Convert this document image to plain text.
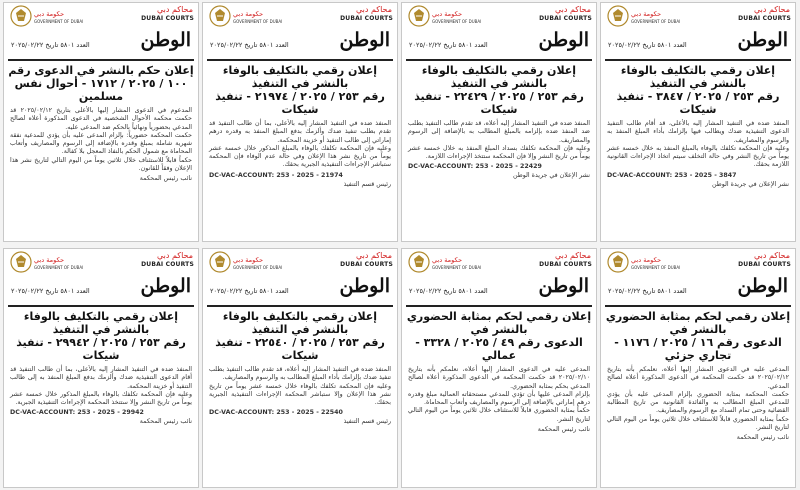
حكومة دبي
GOVERNMENT OF DUBAI
محاكم دبي
DUBAI COURTS
الوطن
العدد ٥٨٠١ تاريخ ٢٠٢٥/٠٢/٢٢
إعلان حكم بالنشر في الدعوى رقم
١٠٠ / ٢٠٢٥ / ١٧١٢ - أحوال نفس مسلمين

المدعوم في الدعوى المشار إليها بالأعلى بتاريخ ٢٠٢٥/٠٢/١٢ قد حكمت محكمة الأحوال الشخصية في الدعوى المذكورة أعلاه لصالح المدعي بحضورياً ونهائياً بالحكم ضد المدعى عليه.

حكمت المحكمة حضورياً: بإلزام المدعى عليه بأن يؤدي للمدعية نفقة شهرية شاملة بمبلغ وقدره بالإضافة إلى الرسوم والمصاريف وأتعاب المحاماة مع شمول الحكم بالنفاذ المعجل بلا كفالة.

حكماً قابلاً للاستئناف خلال ثلاثين يوماً من اليوم التالي لتاريخ نشر هذا الإعلان وفقاً للقانون.

نائب رئيس المحكمة
حكومة دبي
GOVERNMENT OF DUBAI
محاكم دبي
DUBAI COURTS
الوطن
العدد ٥٨٠١ تاريخ ٢٠٢٥/٠٢/٢٢
إعلان رقمي بالتكليف بالوفاء بالنشر في التنفيذ
رقم ٢٥٣ / ٢٠٢٥ / ٢١٩٧٤ - تنفيذ شيكات

المنفذ ضده في التنفيذ المشار إليه بالأعلى، بما أن طالب التنفيذ قد تقدم بطلب تنفيذ ضدك وألزمك بدفع المبلغ المنفذ به وقدره درهم إماراتي إلى طالب التنفيذ أو خزينة المحكمة.

وعليه فإن المحكمة تكلفك بالوفاء بالمبلغ المذكور خلال خمسة عشر يوماً من تاريخ نشر هذا الإعلان وفي حالة عدم الوفاء فإن المحكمة ستباشر الإجراءات التنفيذية الجبرية بحقك.

DC-VAC-ACCOUNT: 253 - 2025 - 21974
رئيس قسم التنفيذ
حكومة دبي
GOVERNMENT OF DUBAI
محاكم دبي
DUBAI COURTS
الوطن
العدد ٥٨٠١ تاريخ ٢٠٢٥/٠٢/٢٢
إعلان رقمي بالتكليف بالوفاء بالنشر في التنفيذ
رقم ٢٥٣ / ٢٠٢٥ / ٢٢٤٢٩ - تنفيذ شيكات

المنفذ ضده في التنفيذ المشار إليه أعلاه، قد تقدم طالب التنفيذ بطلب ضد المنفذ ضده بإلزامه بالمبلغ المطالب به بالإضافة إلى الرسوم والمصاريف.

وعليه فإن المحكمة تكلفك بسداد المبلغ المنفذ به خلال خمسة عشر يوماً من تاريخ النشر وإلا فإن المحكمة ستتخذ الإجراءات اللازمة.

DC-VAC-ACCOUNT: 253 - 2025 - 22429
نشر الإعلان في جريدة الوطن
حكومة دبي
GOVERNMENT OF DUBAI
محاكم دبي
DUBAI COURTS
الوطن
العدد ٥٨٠١ تاريخ ٢٠٢٥/٠٢/٢٢
إعلان رقمي بالتكليف بالوفاء بالنشر في التنفيذ
رقم ٢٥٣ / ٢٠٢٥ / ٣٨٤٧ - تنفيذ شيكات

المنفذ ضده في التنفيذ المشار إليه بالأعلى، قد أقام طالب التنفيذ الدعوى التنفيذية ضدك ويطالب فيها بإلزامك بأداء المبلغ المنفذ به والرسوم والمصاريف.

وعليه فإن المحكمة تكلفك بالوفاء بالمبلغ المنفذ به خلال خمسة عشر يوماً من تاريخ النشر وفي حالة التخلف سيتم اتخاذ الإجراءات القانونية اللازمة بحقك.

DC-VAC-ACCOUNT: 253 - 2025 - 3847
نشر الإعلان في جريدة الوطن
حكومة دبي
GOVERNMENT OF DUBAI
محاكم دبي
DUBAI COURTS
الوطن
العدد ٥٨٠١ تاريخ ٢٠٢٥/٠٢/٢٢
إعلان رقمي بالتكليف بالوفاء بالنشر في التنفيذ
رقم ٢٥٣ / ٢٠٢٥ / ٢٩٩٤٢ - تنفيذ شيكات

المنفذ ضده في التنفيذ المشار إليه بالأعلى، بما أن طالب التنفيذ قد أقام الدعوى التنفيذية ضدك وألزمك بدفع المبلغ المنفذ به إلى طالب التنفيذ أو خزينة المحكمة.

وعليه فإن المحكمة تكلفك بالوفاء بالمبلغ المذكور خلال خمسة عشر يوماً من تاريخ النشر وإلا ستتخذ المحكمة الإجراءات التنفيذية الجبرية.

DC-VAC-ACCOUNT: 253 - 2025 - 29942
نائب رئيس المحكمة
حكومة دبي
GOVERNMENT OF DUBAI
محاكم دبي
DUBAI COURTS
الوطن
العدد ٥٨٠١ تاريخ ٢٠٢٥/٠٢/٢٢
إعلان رقمي بالتكليف بالوفاء بالنشر في التنفيذ
رقم ٢٥٣ / ٢٠٢٥ / ٢٢٥٤٠ - تنفيذ شيكات

المنفذ ضده في التنفيذ المشار إليه أعلاه، قد تقدم طالب التنفيذ بطلب تنفيذ ضدك بإلزامك بأداء المبلغ المطالب به والرسوم والمصاريف.

وعليه فإن المحكمة تكلفك بالوفاء خلال خمسة عشر يوماً من تاريخ نشر هذا الإعلان وإلا ستباشر المحكمة الإجراءات التنفيذية الجبرية بحقك.

DC-VAC-ACCOUNT: 253 - 2025 - 22540
رئيس قسم التنفيذ
حكومة دبي
GOVERNMENT OF DUBAI
محاكم دبي
DUBAI COURTS
الوطن
العدد ٥٨٠١ تاريخ ٢٠٢٥/٠٢/٢٢
إعلان رقمي لحكم بمثابة الحضوري بالنشر في
الدعوى رقم ٤٩ / ٢٠٢٥ / ٣٣٢٨ - عمالي

المدعى عليه في الدعوى المشار إليها أعلاه، نعلمكم بأنه بتاريخ ٢٠٢٥/٠٢/١٠ قد حكمت المحكمة في الدعوى المذكورة أعلاه لصالح المدعي بحكم بمثابة الحضوري.

بإلزام المدعى عليها بأن تؤدي للمدعي مستحقاته العمالية مبلغ وقدره درهم إماراتي بالإضافة إلى الرسوم والمصاريف وأتعاب المحاماة.

حكماً بمثابة الحضوري قابلاً للاستئناف خلال ثلاثين يوماً من اليوم التالي لتاريخ النشر.

نائب رئيس المحكمة
حكومة دبي
GOVERNMENT OF DUBAI
محاكم دبي
DUBAI COURTS
الوطن
العدد ٥٨٠١ تاريخ ٢٠٢٥/٠٢/٢٢
إعلان رقمي لحكم بمثابة الحضوري بالنشر في
الدعوى رقم ١٦ / ٢٠٢٥ / ١١٧٦ - تجاري جزئي

المدعى عليه في الدعوى المشار إليها أعلاه، نعلمكم بأنه بتاريخ ٢٠٢٥/٠٢/١٢ قد حكمت المحكمة في الدعوى المذكورة أعلاه لصالح المدعي.

حكمت المحكمة بمثابة الحضوري بإلزام المدعى عليه بأن يؤدي للمدعي المبلغ المطالب به والفائدة القانونية من تاريخ المطالبة القضائية وحتى تمام السداد مع الرسوم والمصاريف.

حكماً بمثابة الحضوري قابلاً للاستئناف خلال ثلاثين يوماً من اليوم التالي لتاريخ النشر.

نائب رئيس المحكمة
